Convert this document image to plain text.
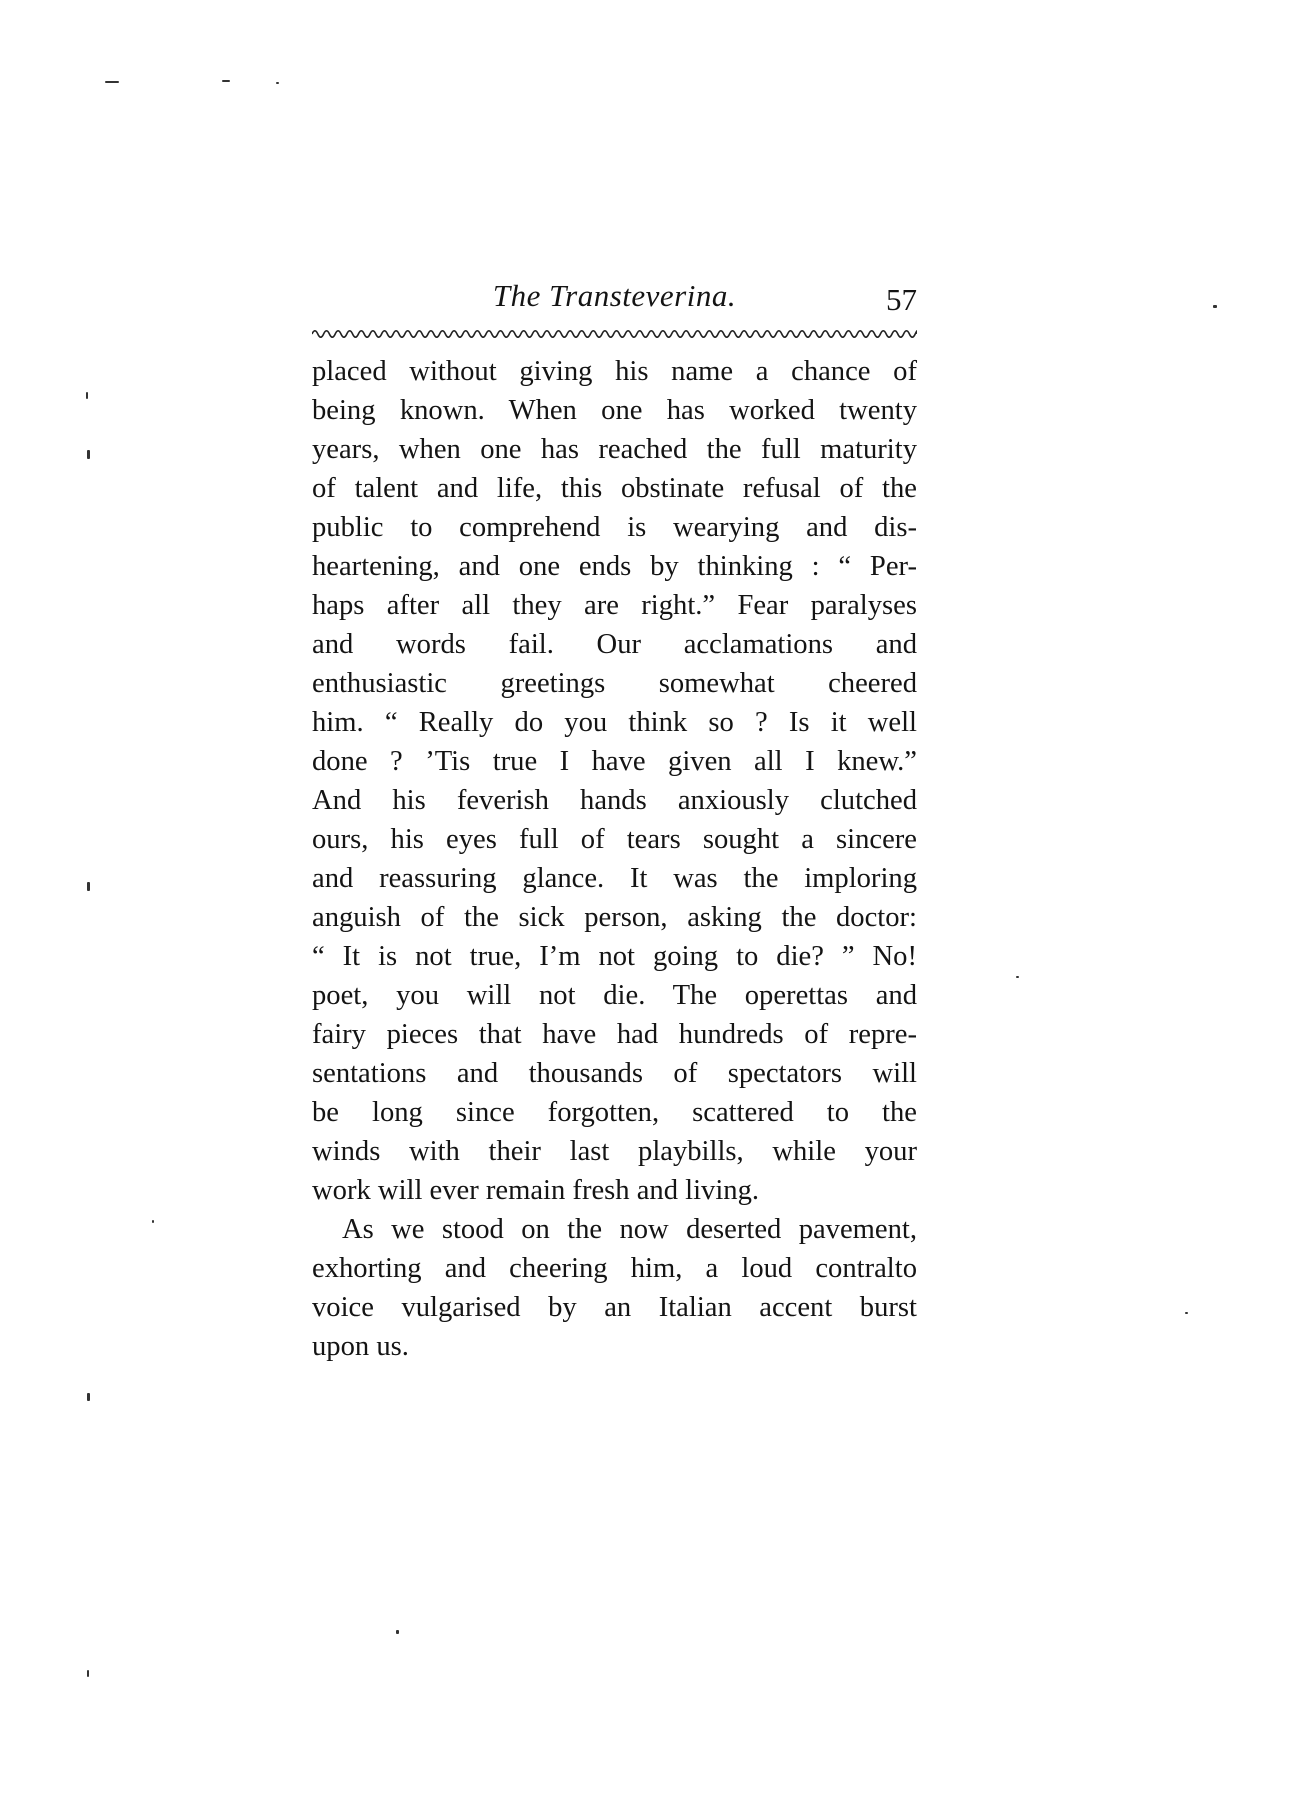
The Transteverina.	57

placed without giving his name a chance of
being known. When one has worked twenty
years, when one has reached the full maturity
of talent and life, this obstinate refusal of the
public to comprehend is wearying and dis-
heartening, and one ends by thinking : “ Per-
haps after all they are right.” Fear paralyses
and words fail. Our acclamations and
enthusiastic greetings somewhat cheered
him. “ Really do you think so ? Is it well
done ? ’Tis true I have given all I knew.”
And his feverish hands anxiously clutched
ours, his eyes full of tears sought a sincere
and reassuring glance. It was the imploring
anguish of the sick person, asking the doctor:
“ It is not true, I’m not going to die? ” No!
poet, you will not die. The operettas and
fairy pieces that have had hundreds of repre-
sentations and thousands of spectators will
be long since forgotten, scattered to the
winds with their last playbills, while your
work will ever remain fresh and living.

As we stood on the now deserted pavement,
exhorting and cheering him, a loud contralto
voice vulgarised by an Italian accent burst
upon us.
